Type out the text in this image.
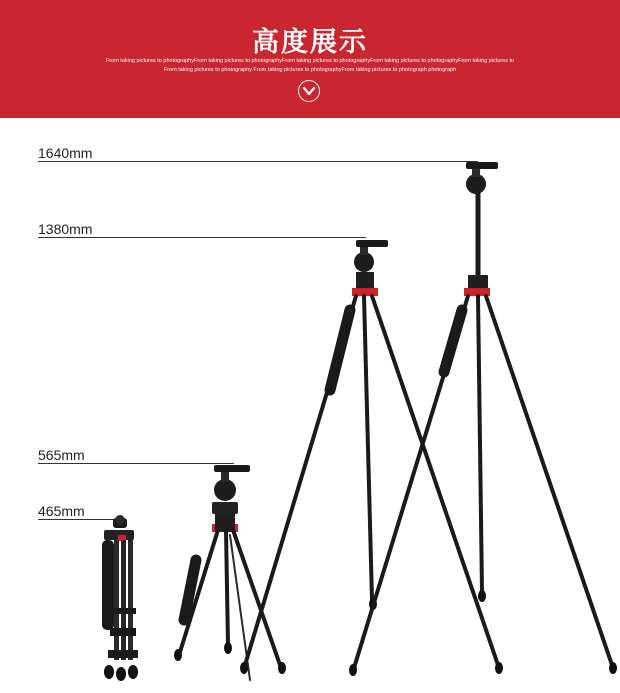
高度展示
From taking pictures to photographyFrom taking pictures to photographyFrom taking pictures to photographyFrom taking pictures to photographyFrom taking pictures to
From taking pictures to photography From taking pictures to photographyFrom taking pictures to photograph photograph
1640mm
1380mm
565mm
465mm
